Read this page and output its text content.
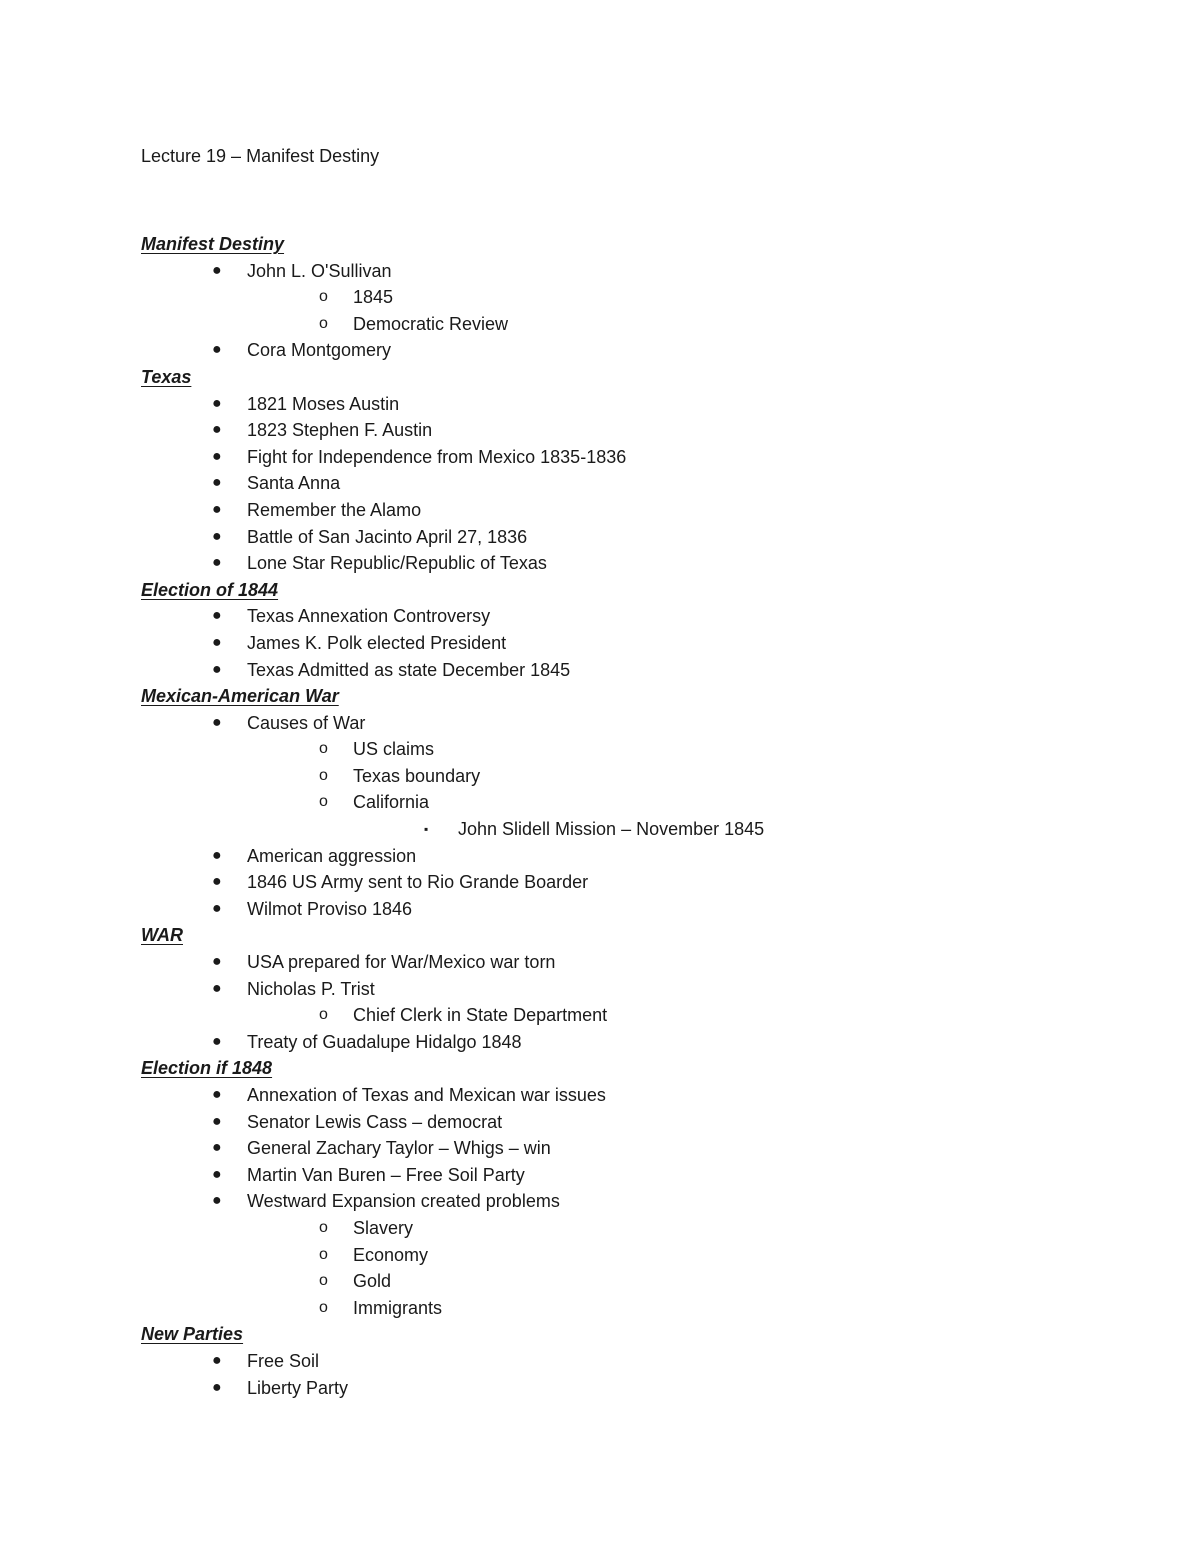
Lecture 19 – Manifest Destiny
Manifest Destiny
● John L. O'Sullivan
o 1845
o Democratic Review
● Cora Montgomery
Texas
● 1821 Moses Austin
● 1823 Stephen F. Austin
● Fight for Independence from Mexico 1835-1836
● Santa Anna
● Remember the Alamo
● Battle of San Jacinto April 27, 1836
● Lone Star Republic/Republic of Texas
Election of 1844
● Texas Annexation Controversy
● James K. Polk elected President
● Texas Admitted as state December 1845
Mexican-American War
● Causes of War
o US claims
o Texas boundary
o California
▪ John Slidell Mission – November 1845
● American aggression
● 1846 US Army sent to Rio Grande Boarder
● Wilmot Proviso 1846
WAR
● USA prepared for War/Mexico war torn
● Nicholas P. Trist
o Chief Clerk in State Department
● Treaty of Guadalupe Hidalgo 1848
Election if 1848
● Annexation of Texas and Mexican war issues
● Senator Lewis Cass – democrat
● General Zachary Taylor – Whigs – win
● Martin Van Buren – Free Soil Party
● Westward Expansion created problems
o Slavery
o Economy
o Gold
o Immigrants
New Parties
● Free Soil
● Liberty Party
